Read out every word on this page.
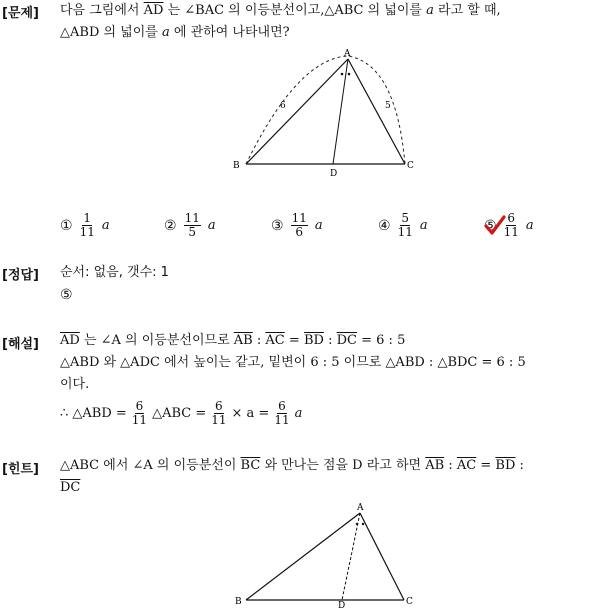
[문제] 다음 그림에서 $\overline{AD}$ 는 ∠BAC 의 이등분선이고,△ABC 의 넓이를 a 라고 할 때,
△ABD 의 넓이를 a 에 관하여 나타내면?
A
B	C
D
6	5
① $\frac{1}{11}$ a	② $\frac{11}{5}$ a	③ $\frac{11}{6}$ a	④ $\frac{5}{11}$ a	⑤ $\frac{6}{11}$ a
[정답] 순서: 없음, 갯수: 1
⑤
[해설] $\overline{AD}$ 는 ∠A 의 이등분선이므로 $\overline{AB}$ : $\overline{AC} = \overline{BD}$ : $\overline{DC} = 6$ : 5
△ABD 와 △ADC 에서 높이는 같고, 밑변이 6 : 5 이므로 △ABD : △BDC = 6 : 5
이다.
∴ △ABD = $\frac{6}{11}$ △ABC = $\frac{6}{11} \times a = \frac{6}{11}$ a
[힌트] △ABC 에서 ∠A 의 이등분선이 $\overline{BC}$ 와 만나는 점을 D 라고 하면 $\overline{AB}$ : $\overline{AC} = \overline{BD}$ :
$\overline{DC}$
A
B	C
D
